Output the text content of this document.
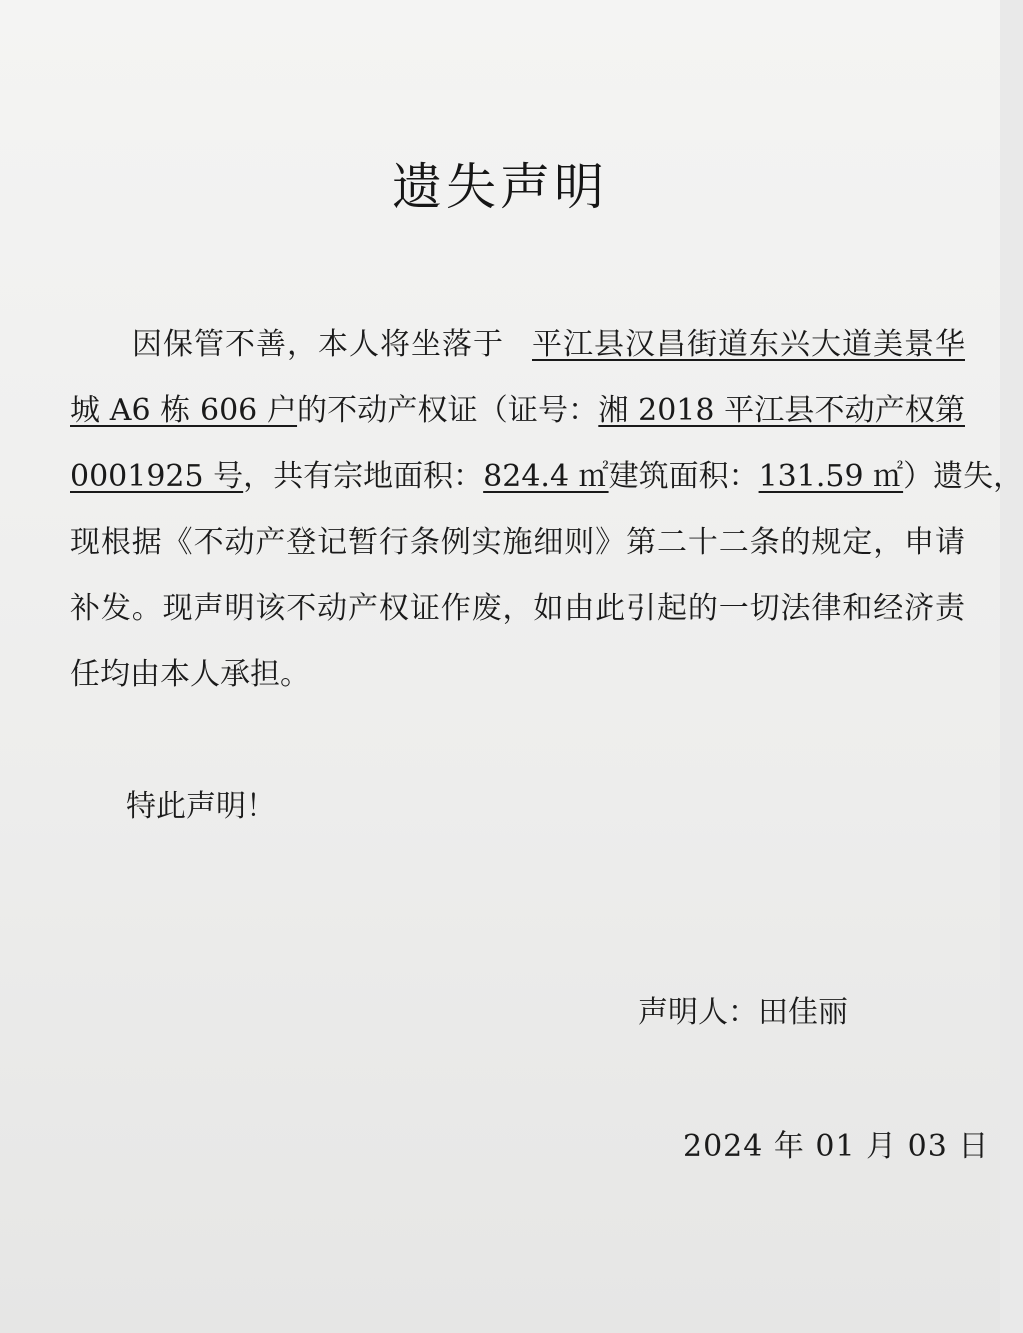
遗失声明
因保管不善，本人将坐落于 平江县汉昌街道东兴大道美景华
城 A6 栋 606 户的不动产权证（证号：湘 2018 平江县不动产权第
0001925 号，共有宗地面积：824.4 ㎡建筑面积：131.59 ㎡）遗失，
现根据《不动产登记暂行条例实施细则》第二十二条的规定，申请
补发。现声明该不动产权证作废，如由此引起的一切法律和经济责
任均由本人承担。
特此声明！
声明人：田佳丽
2024 年 01 月 03 日
